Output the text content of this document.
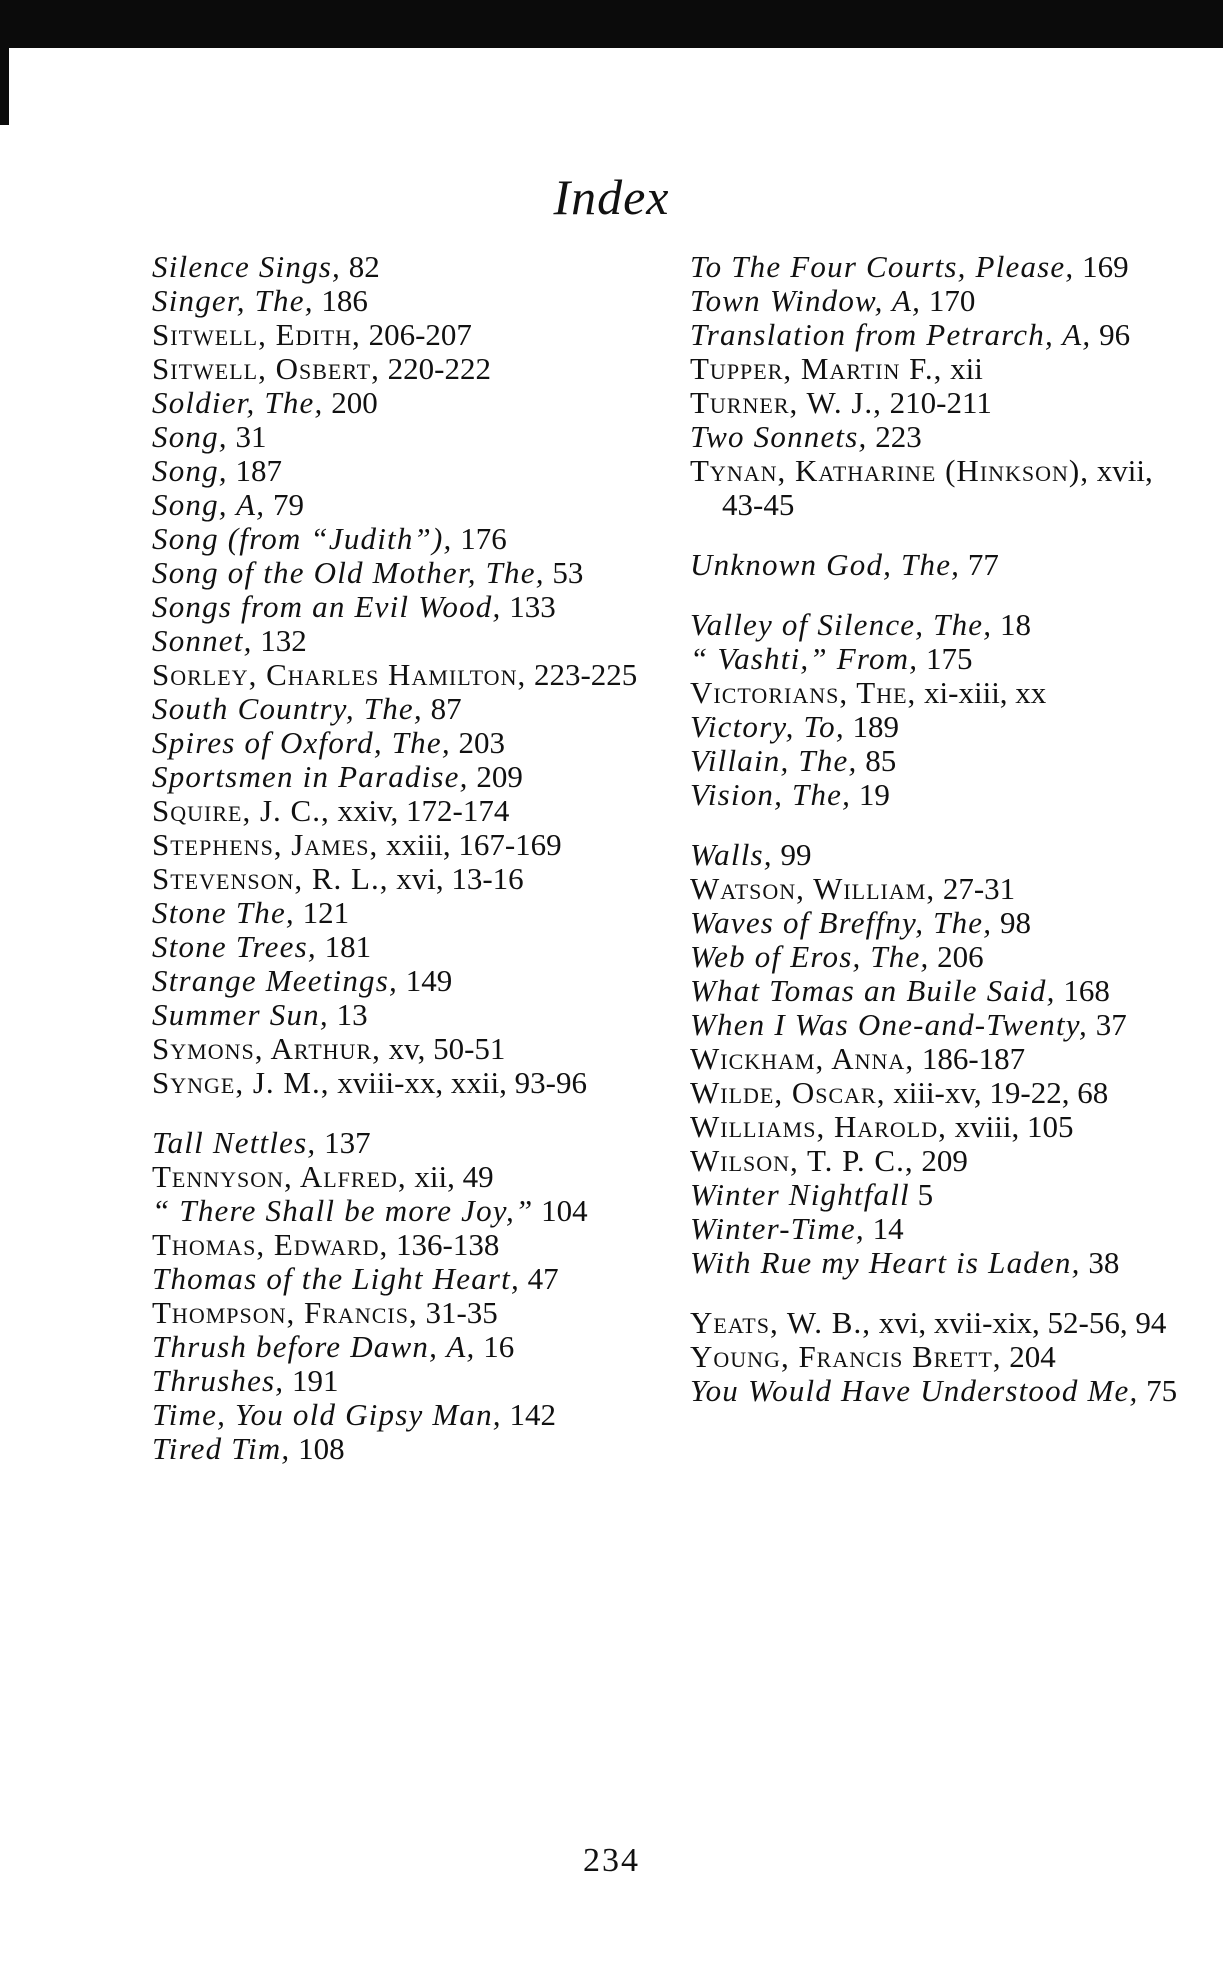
Index

Silence Sings, 82

Singer, The, 186

Sitwell, Edith, 206-207

Sitwell, Osbert, 220-222

Soldier, The, 200

Song, 31

Song, 187

Song, A, 79

Song (from “Judith”), 176

Song of the Old Mother, The, 53

Songs from an Evil Wood, 133

Sonnet, 132

Sorley, Charles Hamilton, 223-225

South Country, The, 87

Spires of Oxford, The, 203

Sportsmen in Paradise, 209

Squire, J. C., xxiv, 172-174

Stephens, James, xxiii, 167-169

Stevenson, R. L., xvi, 13-16

Stone The, 121

Stone Trees, 181

Strange Meetings, 149

Summer Sun, 13

Symons, Arthur, xv, 50-51

Synge, J. M., xviii-xx, xxii, 93-96

Tall Nettles, 137

Tennyson, Alfred, xii, 49

“ There Shall be more Joy,” 104

Thomas, Edward, 136-138

Thomas of the Light Heart, 47

Thompson, Francis, 31-35

Thrush before Dawn, A, 16

Thrushes, 191

Time, You old Gipsy Man, 142

Tired Tim, 108

To The Four Courts, Please, 169

Town Window, A, 170

Translation from Petrarch, A, 96

Tupper, Martin F., xii

Turner, W. J., 210-211

Two Sonnets, 223

Tynan, Katharine (Hinkson), xvii, 43-45

Unknown God, The, 77

Valley of Silence, The, 18

“ Vashti,” From, 175

Victorians, The, xi-xiii, xx

Victory, To, 189

Villain, The, 85

Vision, The, 19

Walls, 99

Watson, William, 27-31

Waves of Breffny, The, 98

Web of Eros, The, 206

What Tomas an Buile Said, 168

When I Was One-and-Twenty, 37

Wickham, Anna, 186-187

Wilde, Oscar, xiii-xv, 19-22, 68

Williams, Harold, xviii, 105

Wilson, T. P. C., 209

Winter Nightfall 5

Winter-Time, 14

With Rue my Heart is Laden, 38

Yeats, W. B., xvi, xvii-xix, 52-56, 94

Young, Francis Brett, 204

You Would Have Understood Me, 75

234
